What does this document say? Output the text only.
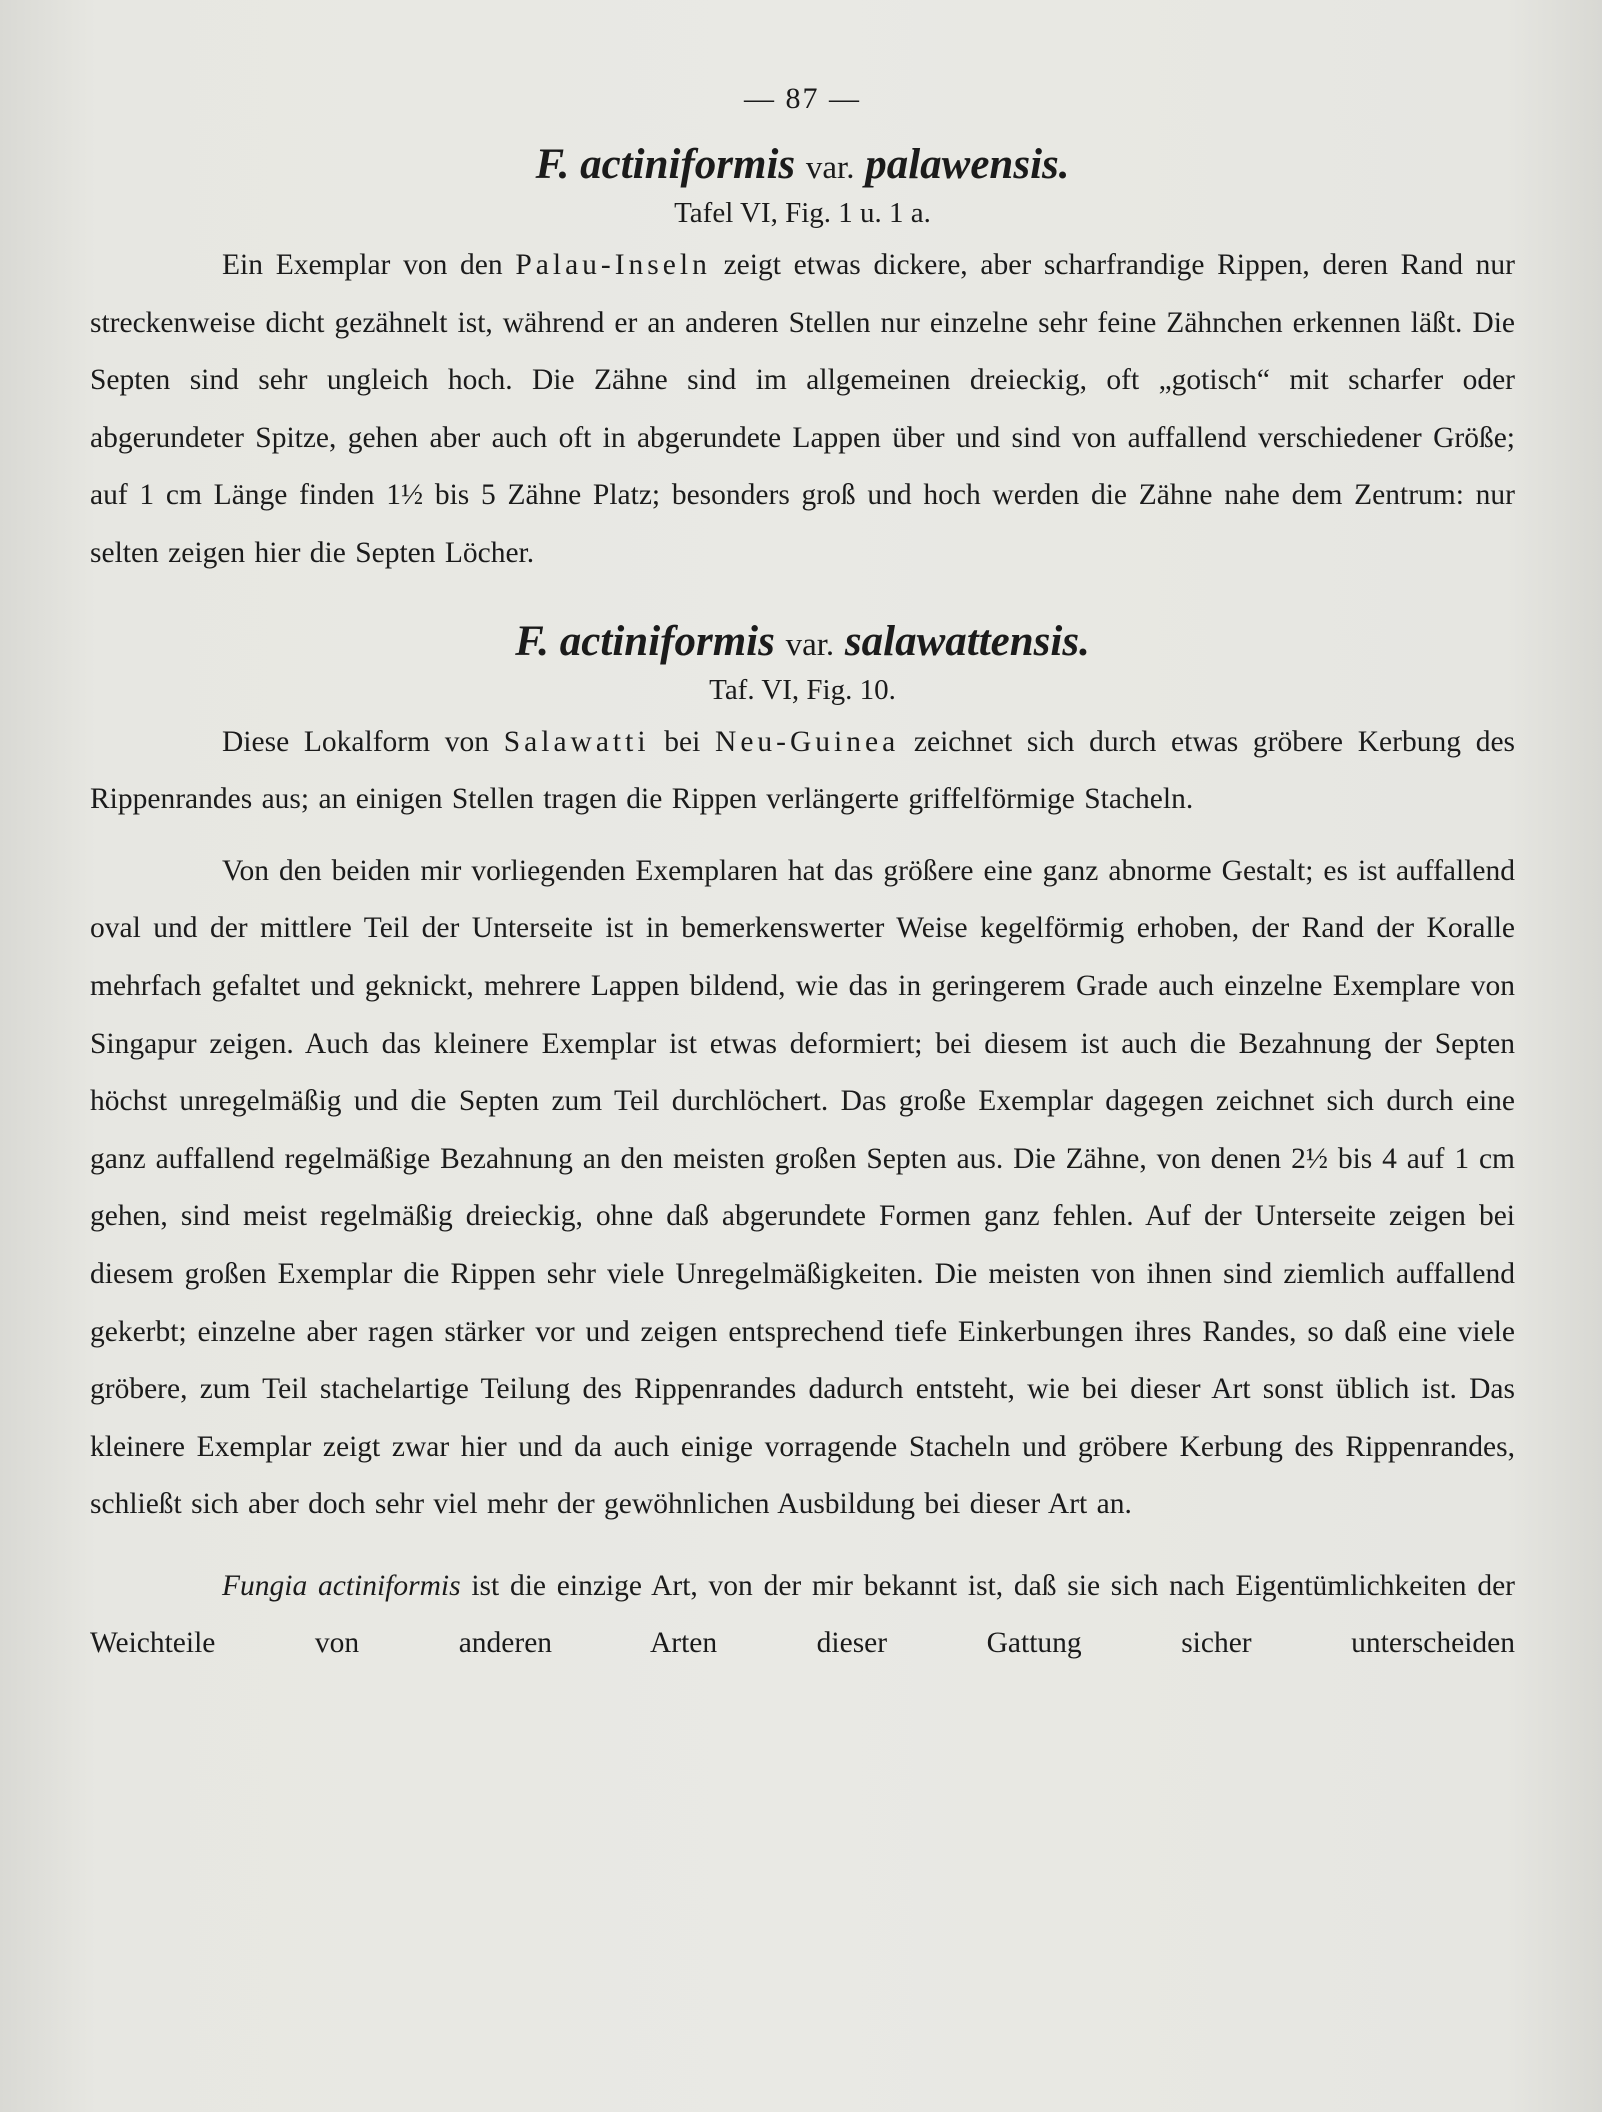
— 87 —
F. actiniformis var. palawensis.
Tafel VI, Fig. 1 u. 1 a.

Ein Exemplar von den Palau-Inseln zeigt etwas dickere, aber scharfrandige Rippen, deren Rand nur streckenweise dicht gezähnelt ist, während er an anderen Stellen nur einzelne sehr feine Zähnchen erkennen läßt. Die Septen sind sehr ungleich hoch. Die Zähne sind im allgemeinen dreieckig, oft „gotisch“ mit scharfer oder abgerundeter Spitze, gehen aber auch oft in abgerundete Lappen über und sind von auffallend verschiedener Größe; auf 1 cm Länge finden 1½ bis 5 Zähne Platz; besonders groß und hoch werden die Zähne nahe dem Zentrum: nur selten zeigen hier die Septen Löcher.

F. actiniformis var. salawattensis.
Taf. VI, Fig. 10.

Diese Lokalform von Salawatti bei Neu-Guinea zeichnet sich durch etwas gröbere Kerbung des Rippenrandes aus; an einigen Stellen tragen die Rippen verlängerte griffelförmige Stacheln.

Von den beiden mir vorliegenden Exemplaren hat das größere eine ganz abnorme Gestalt; es ist auffallend oval und der mittlere Teil der Unterseite ist in bemerkenswerter Weise kegelförmig erhoben, der Rand der Koralle mehrfach gefaltet und geknickt, mehrere Lappen bildend, wie das in geringerem Grade auch einzelne Exemplare von Singapur zeigen. Auch das kleinere Exemplar ist etwas deformiert; bei diesem ist auch die Bezahnung der Septen höchst unregelmäßig und die Septen zum Teil durchlöchert. Das große Exemplar dagegen zeichnet sich durch eine ganz auffallend regelmäßige Bezahnung an den meisten großen Septen aus. Die Zähne, von denen 2½ bis 4 auf 1 cm gehen, sind meist regelmäßig dreieckig, ohne daß abgerundete Formen ganz fehlen. Auf der Unterseite zeigen bei diesem großen Exemplar die Rippen sehr viele Unregelmäßigkeiten. Die meisten von ihnen sind ziemlich auffallend gekerbt; einzelne aber ragen stärker vor und zeigen entsprechend tiefe Einkerbungen ihres Randes, so daß eine viele gröbere, zum Teil stachelartige Teilung des Rippenrandes dadurch entsteht, wie bei dieser Art sonst üblich ist. Das kleinere Exemplar zeigt zwar hier und da auch einige vorragende Stacheln und gröbere Kerbung des Rippenrandes, schließt sich aber doch sehr viel mehr der gewöhnlichen Ausbildung bei dieser Art an.

Fungia actiniformis ist die einzige Art, von der mir bekannt ist, daß sie sich nach Eigentümlichkeiten der Weichteile von anderen Arten dieser Gattung sicher unterscheiden
